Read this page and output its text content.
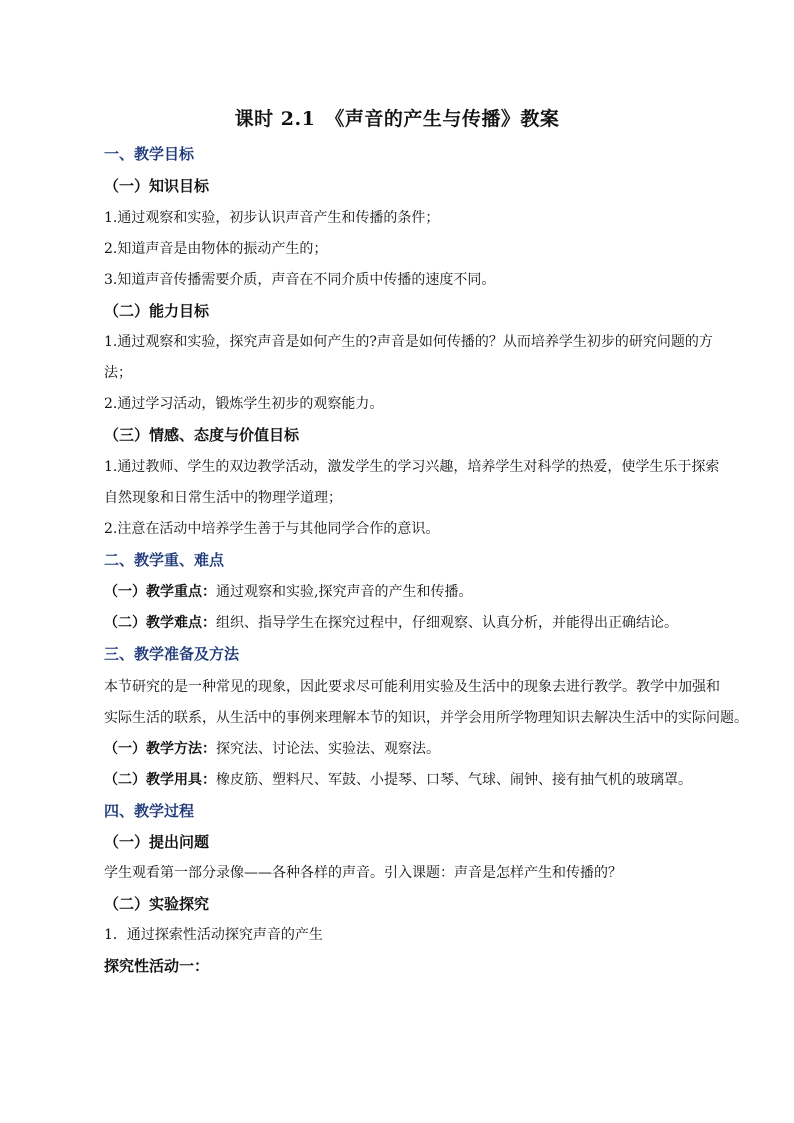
课时 2.1　《声音的产生与传播》教案
一、教学目标
（一）知识目标
1.通过观察和实验，初步认识声音产生和传播的条件；
2.知道声音是由物体的振动产生的；
3.知道声音传播需要介质，声音在不同介质中传播的速度不同。
（二）能力目标
1.通过观察和实验，探究声音是如何产生的?声音是如何传播的？从而培养学生初步的研究问题的方
法；
2.通过学习活动，锻炼学生初步的观察能力。
（三）情感、态度与价值目标
1.通过教师、学生的双边教学活动，激发学生的学习兴趣，培养学生对科学的热爱，使学生乐于探索
自然现象和日常生活中的物理学道理；
2.注意在活动中培养学生善于与其他同学合作的意识。
二、教学重、难点
（一）教学重点：通过观察和实验,探究声音的产生和传播。
（二）教学难点：组织、指导学生在探究过程中，仔细观察、认真分析，并能得出正确结论。
三、教学准备及方法
本节研究的是一种常见的现象，因此要求尽可能利用实验及生活中的现象去进行教学。教学中加强和
实际生活的联系，从生活中的事例来理解本节的知识，并学会用所学物理知识去解决生活中的实际问题。
（一）教学方法：探究法、讨论法、实验法、观察法。
（二）教学用具：橡皮筋、塑料尺、军鼓、小提琴、口琴、气球、闹钟、接有抽气机的玻璃罩。
四、教学过程
（一）提出问题
学生观看第一部分录像——各种各样的声音。引入课题：声音是怎样产生和传播的？
（二）实验探究
1．通过探索性活动探究声音的产生
探究性活动一：
